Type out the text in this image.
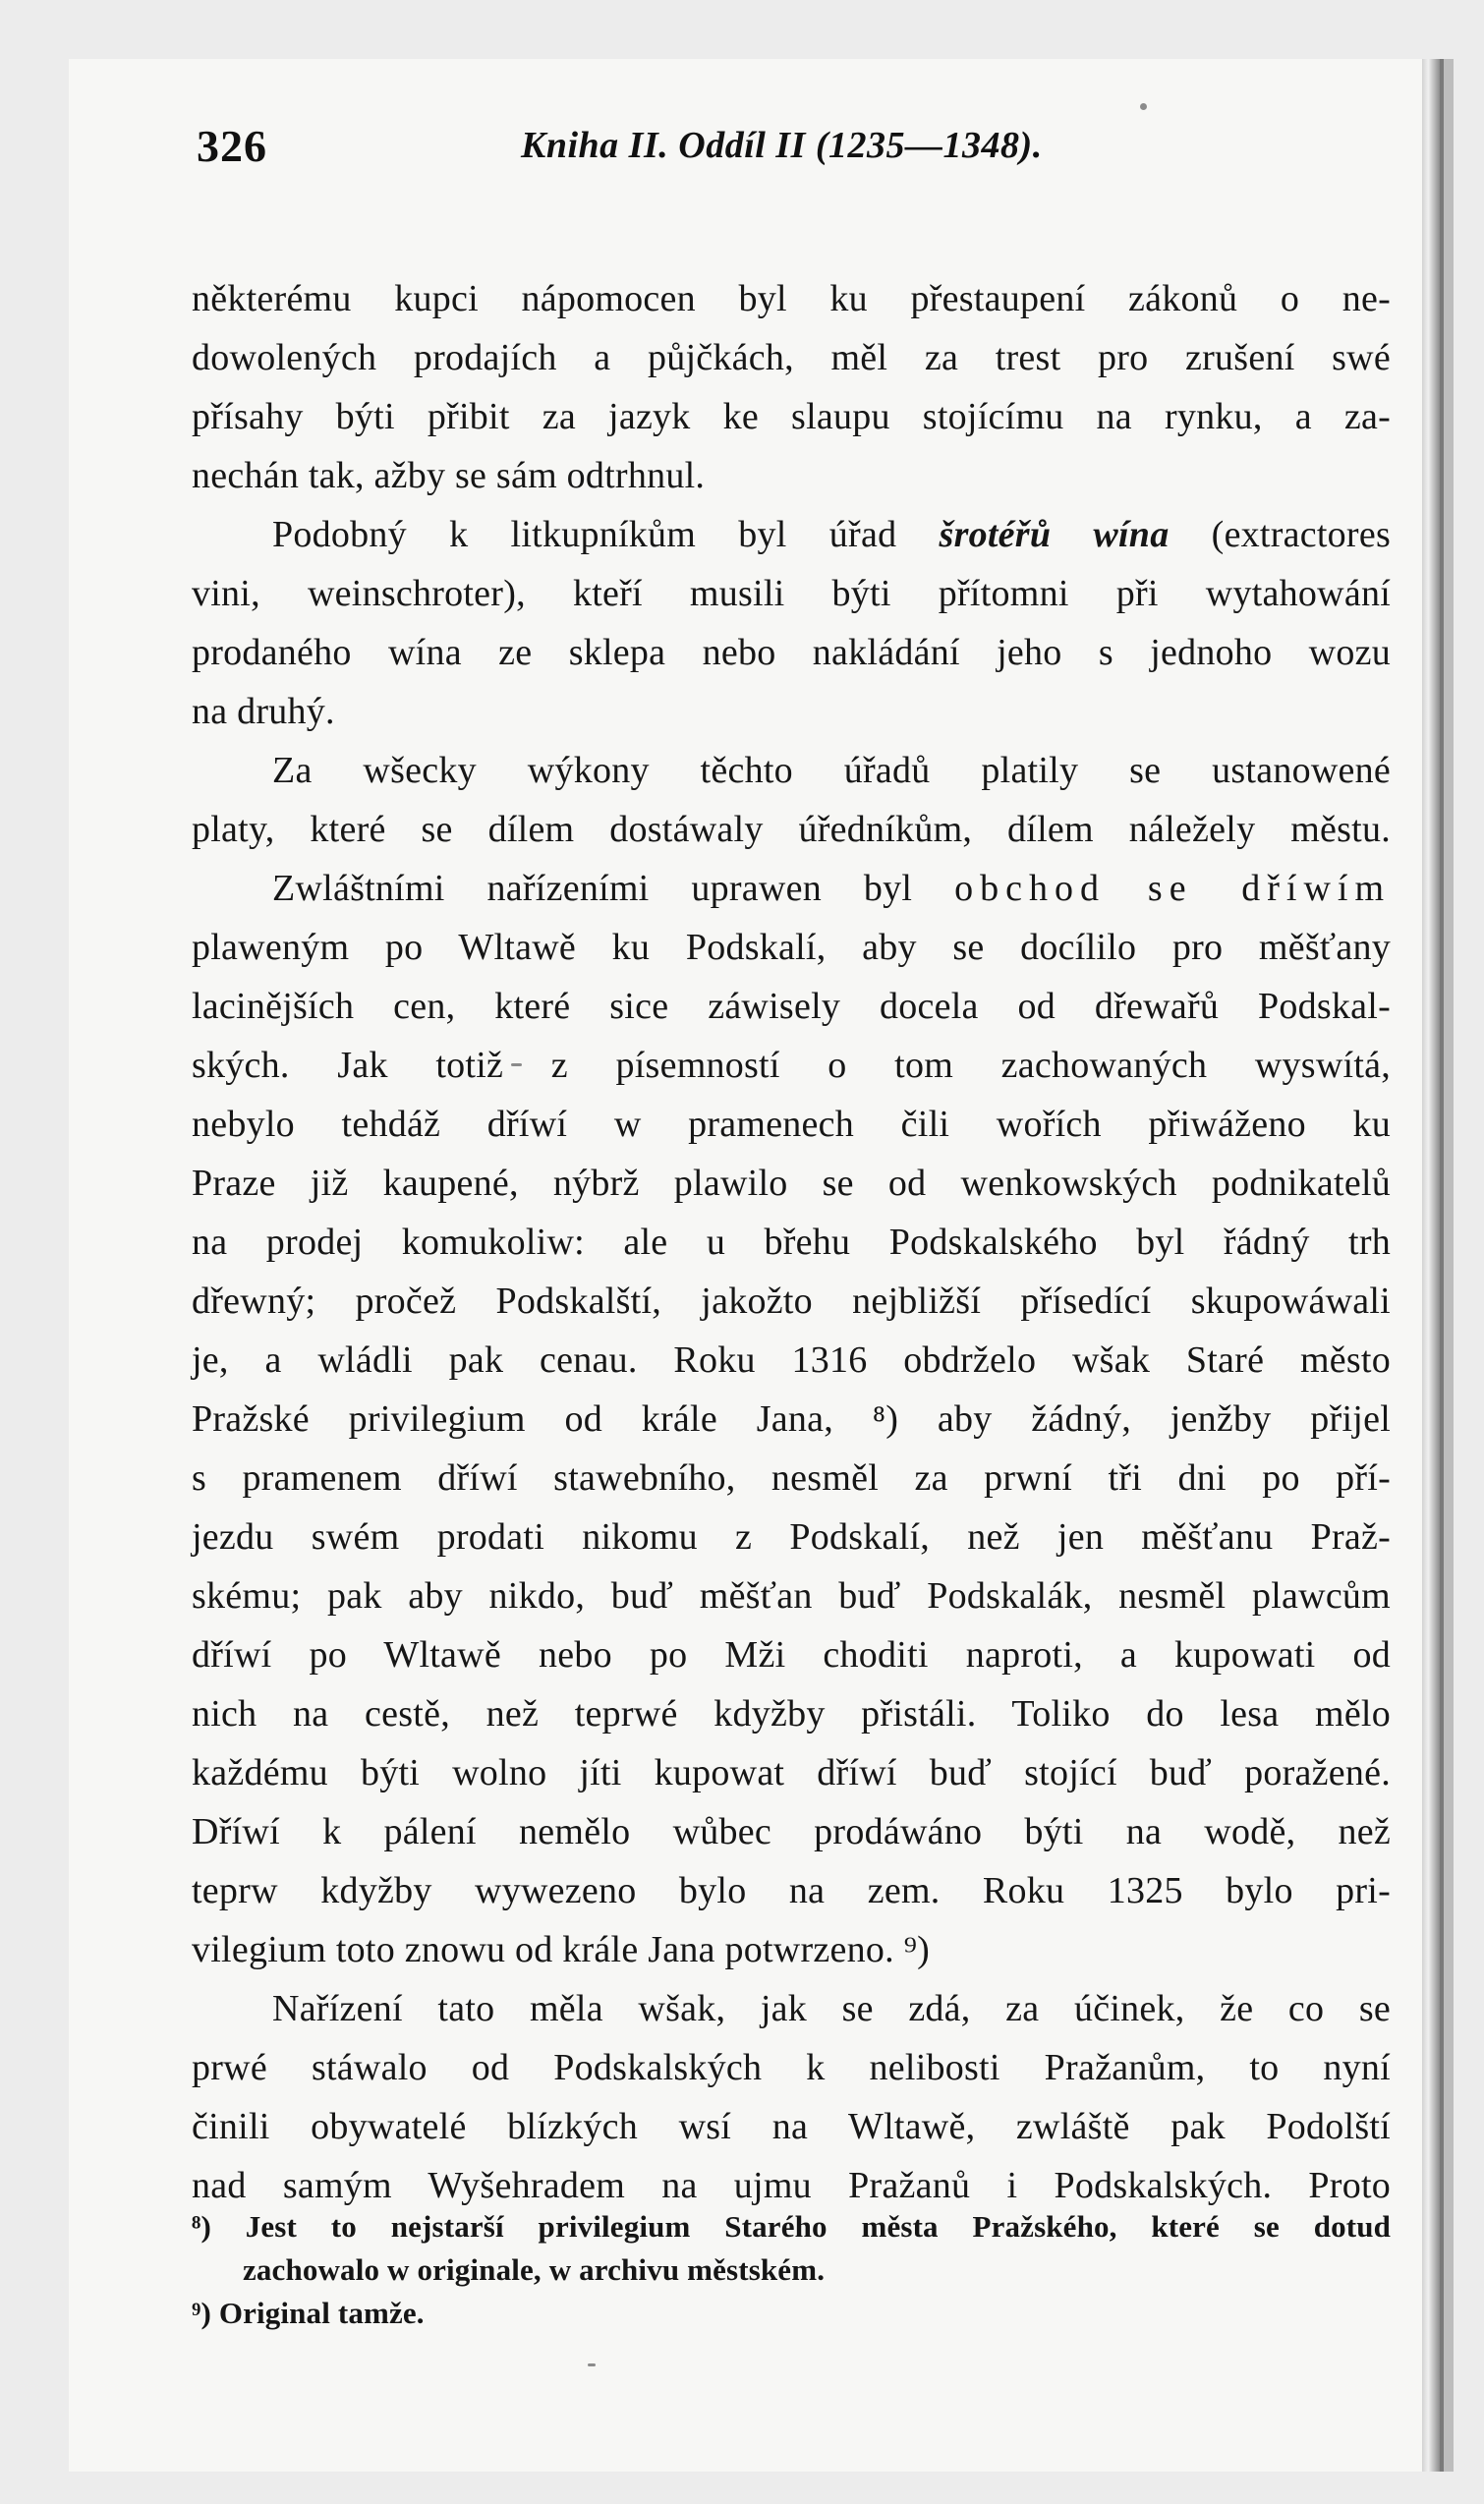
326	Kniha II. Oddíl II (1235—1348).
některému kupci nápomocen byl ku přestaupení zákonů o ne-
dowolených prodajích a půjčkách, měl za trest pro zrušení swé
přísahy býti přibit za jazyk ke slaupu stojícímu na rynku, a za-
nechán tak, ažby se sám odtrhnul.
Podobný k litkupníkům byl úřad šrotéřů wína (extractores
vini, weinschroter), kteří musili býti přítomni při wytahowání
prodaného wína ze sklepa nebo nakládání jeho s jednoho wozu
na druhý.
Za wšecky wýkony těchto úřadů platily se ustanowené
platy, které se dílem dostáwaly úředníkům, dílem náležely městu.
Zwláštními nařízeními uprawen byl obchod se dříwím
plaweným po Wltawě ku Podskalí, aby se docílilo pro měšťany
lacinějších cen, které sice záwisely docela od dřewařů Podskal-
ských. Jak totiž z písemností o tom zachowaných wyswítá,
nebylo tehdáž dříwí w pramenech čili wořích přiwáženo ku
Praze již kaupené, nýbrž plawilo se od wenkowských podnikatelů
na prodej komukoliw: ale u břehu Podskalského byl řádný trh
dřewný; pročež Podskalští, jakožto nejbližší přísedící skupowáwali
je, a wládli pak cenau. Roku 1316 obdrželo wšak Staré město
Pražské privilegium od krále Jana, ⁸) aby žádný, jenžby přijel
s pramenem dříwí stawebního, nesměl za prwní tři dni po pří-
jezdu swém prodati nikomu z Podskalí, než jen měšťanu Praž-
skému; pak aby nikdo, buď měšťan buď Podskalák, nesměl plawcům
dříwí po Wltawě nebo po Mži choditi naproti, a kupowati od
nich na cestě, než teprwé kdyžby přistáli. Toliko do lesa mělo
každému býti wolno jíti kupowat dříwí buď stojící buď poražené.
Dříwí k pálení nemělo wůbec prodáwáno býti na wodě, než
teprw kdyžby wywezeno bylo na zem. Roku 1325 bylo pri-
vilegium toto znowu od krále Jana potwrzeno. ⁹)
Nařízení tato měla wšak, jak se zdá, za účinek, že co se
prwé stáwalo od Podskalských k nelibosti Pražanům, to nyní
činili obywatelé blízkých wsí na Wltawě, zwláště pak Podolští
nad samým Wyšehradem na ujmu Pražanů i Podskalských. Proto
⁸) Jest to nejstarší privilegium Starého města Pražského, které se dotud
zachowalo w originale, w archivu městském.
⁹) Original tamže.
